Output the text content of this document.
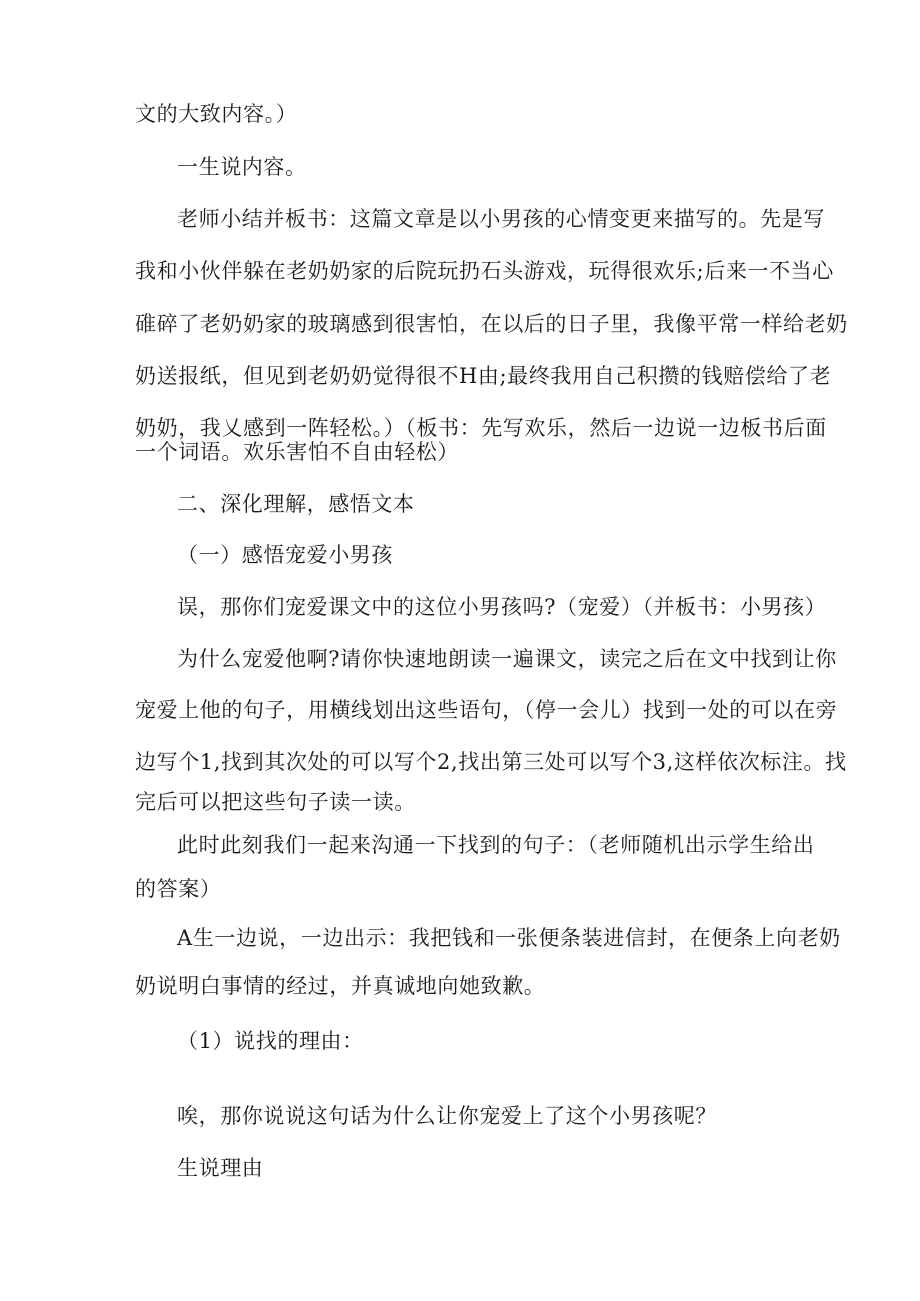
文的大致内容。）
一生说内容。
老师小结并板书：这篇文章是以小男孩的心情变更来描写的。先是写
我和小伙伴躲在老奶奶家的后院玩扔石头游戏，玩得很欢乐;后来一不当心
碓碎了老奶奶家的玻璃感到很害怕，在以后的日子里，我像平常一样给老奶
奶送报纸，但见到老奶奶觉得很不H由;最终我用自己积攒的钱赔偿给了老
奶奶，我乂感到一阵轻松。）（板书：先写欢乐，然后一边说一边板书后面
一个词语。欢乐害怕不自由轻松）
二、深化理解，感悟文本
（一）感悟宠爱小男孩
误，那你们宠爱课文中的这位小男孩吗?（宠爱）（并板书：小男孩）
为什么宠爱他啊?请你快速地朗读一遍课文，读完之后在文中找到让你
宠爱上他的句子，用横线划出这些语句，（停一会儿）找到一处的可以在旁
边写个1,找到其次处的可以写个2,找出第三处可以写个3,这样依次标注。找
完后可以把这些句子读一读。
此时此刻我们一起来沟通一下找到的句子：（老师随机出示学生给出
的答案）
A生一边说，一边出示：我把钱和一张便条装进信封，在便条上向老奶
奶说明白事情的经过，并真诚地向她致歉。
（1）说找的理由：
唉，那你说说这句话为什么让你宠爱上了这个小男孩呢？
生说理由
